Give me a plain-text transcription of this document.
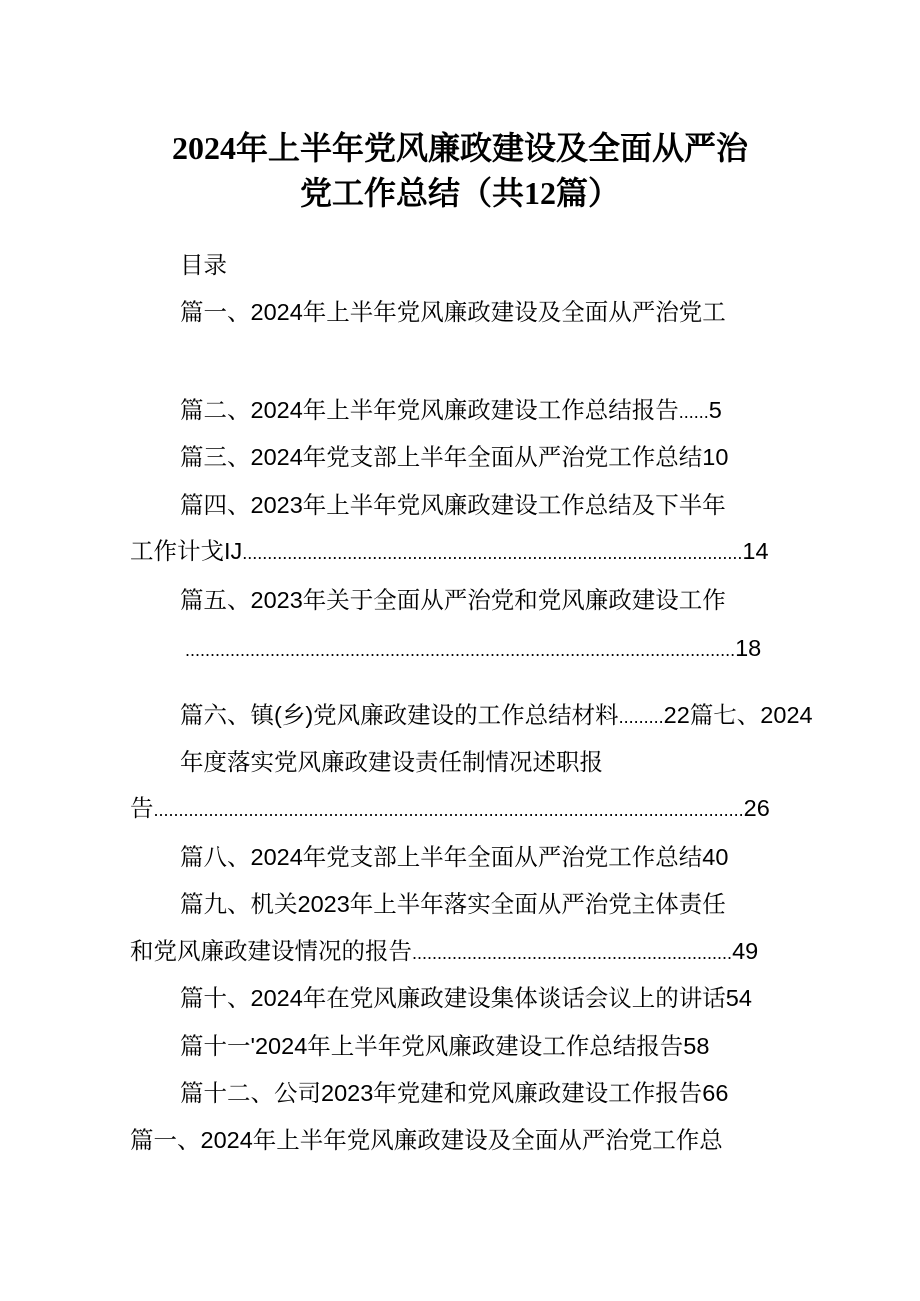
2024年上半年党风廉政建设及全面从严治
党工作总结（共12篇）
目录
篇一、2024年上半年党风廉政建设及全面从严治党工
篇二、2024年上半年党风廉政建设工作总结报告......5
篇三、2024年党支部上半年全面从严治党工作总结10
篇四、2023年上半年党风廉政建设工作总结及下半年
工作计戈IJ....................................................................................................14
篇五、2023年关于全面从严治党和党风廉政建设工作
..............................................................................................................18
篇六、镇(乡)党风廉政建设的工作总结材料.........22篇七、2024
年度落实党风廉政建设责任制情况述职报
告......................................................................................................................26
篇八、2024年党支部上半年全面从严治党工作总结40
篇九、机关2023年上半年落实全面从严治党主体责任
和党风廉政建设情况的报告................................................................49
篇十、2024年在党风廉政建设集体谈话会议上的讲话54
篇十一'2024年上半年党风廉政建设工作总结报告58
篇十二、公司2023年党建和党风廉政建设工作报告66
篇一、2024年上半年党风廉政建设及全面从严治党工作总
